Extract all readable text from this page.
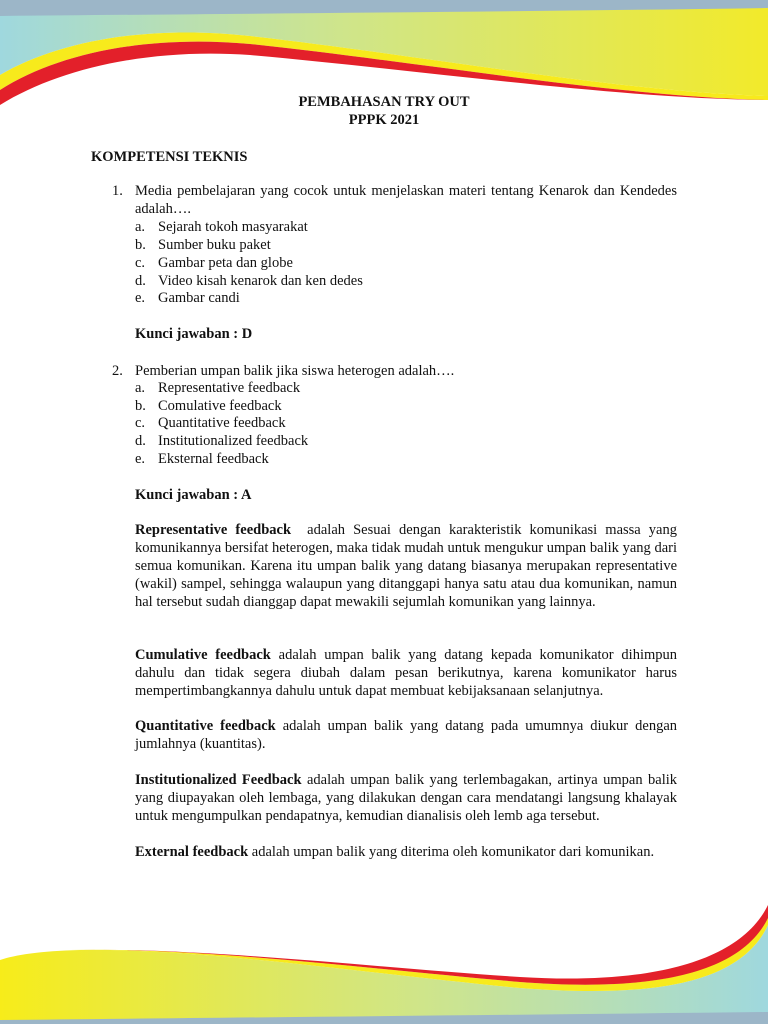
PEMBAHASAN TRY OUT
PPPK 2021
KOMPETENSI TEKNIS
1. Media pembelajaran yang cocok untuk menjelaskan materi tentang Kenarok dan Kendedes adalah….
a. Sejarah tokoh masyarakat
b. Sumber buku paket
c. Gambar peta dan globe
d. Video kisah kenarok dan ken dedes
e. Gambar candi
Kunci jawaban : D
2. Pemberian umpan balik jika siswa heterogen adalah….
a. Representative feedback
b. Comulative feedback
c. Quantitative feedback
d. Institutionalized feedback
e. Eksternal feedback
Kunci jawaban : A
Representative feedback  adalah Sesuai dengan karakteristik komunikasi massa yang komunikannya bersifat heterogen, maka tidak mudah untuk mengukur umpan balik yang dari semua komunikan. Karena itu umpan balik yang datang biasanya merupakan representative (wakil) sampel, sehingga walaupun yang ditanggapi hanya satu atau dua komunikan, namun hal tersebut sudah dianggap dapat mewakili sejumlah komunikan yang lainnya.
Cumulative feedback adalah umpan balik yang datang kepada komunikator dihimpun dahulu dan tidak segera diubah dalam pesan berikutnya, karena komunikator harus mempertimbangkannya dahulu untuk dapat membuat kebijaksanaan selanjutnya.
Quantitative feedback adalah umpan balik yang datang pada umumnya diukur dengan jumlahnya (kuantitas).
Institutionalized Feedback adalah umpan balik yang terlembagakan, artinya umpan balik yang diupayakan oleh lembaga, yang dilakukan dengan cara mendatangi langsung khalayak untuk mengumpulkan pendapatnya, kemudian dianalisis oleh lemb aga tersebut.
External feedback adalah umpan balik yang diterima oleh komunikator dari komunikan.
